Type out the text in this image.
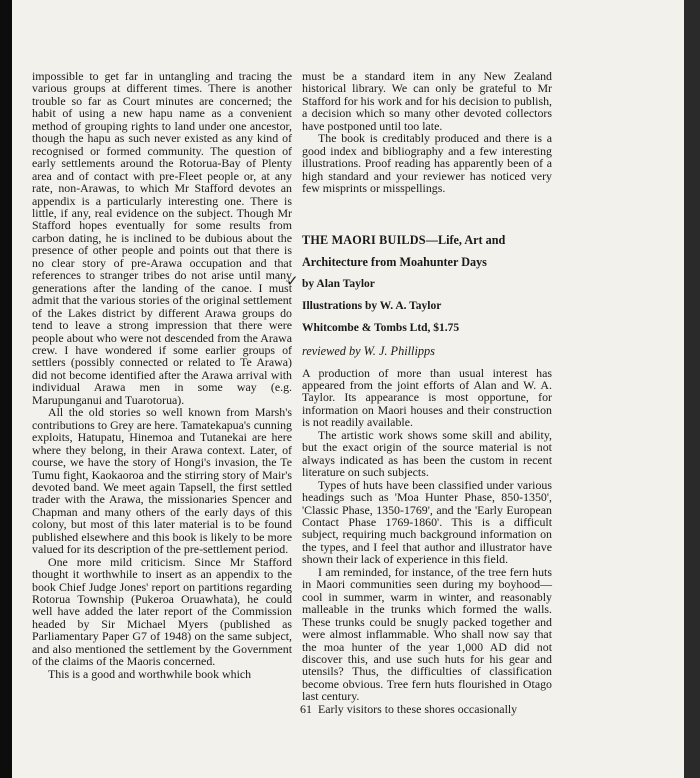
impossible to get far in untangling and tracing the various groups at different times. There is another trouble so far as Court minutes are concerned; the habit of using a new hapu name as a convenient method of grouping rights to land under one ancestor, though the hapu as such never existed as any kind of recognised or formed community. The question of early settlements around the Rotorua-Bay of Plenty area and of contact with pre-Fleet people or, at any rate, non-Arawas, to which Mr Stafford devotes an appendix is a particularly interesting one. There is little, if any, real evidence on the subject. Though Mr Stafford hopes eventually for some results from carbon dating, he is inclined to be dubious about the presence of other people and points out that there is no clear story of pre-Arawa occupation and that references to stranger tribes do not arise until many generations after the landing of the canoe. I must admit that the various stories of the original settlement of the Lakes district by different Arawa groups do tend to leave a strong impression that there were people about who were not descended from the Arawa crew. I have wondered if some earlier groups of settlers (possibly connected or related to Te Arawa) did not become identified after the Arawa arrival with individual Arawa men in some way (e.g. Marupunganui and Tuarotorua).

All the old stories so well known from Marsh's contributions to Grey are here. Tamatekapua's cunning exploits, Hatupatu, Hinemoa and Tutanekai are here where they belong, in their Arawa context. Later, of course, we have the story of Hongi's invasion, the Te Tumu fight, Kaokaoroa and the stirring story of Mair's devoted band. We meet again Tapsell, the first settled trader with the Arawa, the missionaries Spencer and Chapman and many others of the early days of this colony, but most of this later material is to be found published elsewhere and this book is likely to be more valued for its description of the pre-settlement period.

One more mild criticism. Since Mr Stafford thought it worthwhile to insert as an appendix to the book Chief Judge Jones' report on partitions regarding Rotorua Township (Pukeroa Oruawhata), he could well have added the later report of the Commission headed by Sir Michael Myers (published as Parliamentary Paper G7 of 1948) on the same subject, and also mentioned the settlement by the Government of the claims of the Maoris concerned.

This is a good and worthwhile book which

must be a standard item in any New Zealand historical library. We can only be grateful to Mr Stafford for his work and for his decision to publish, a decision which so many other devoted collectors have postponed until too late.

The book is creditably produced and there is a good index and bibliography and a few interesting illustrations. Proof reading has apparently been of a high standard and your reviewer has noticed very few misprints or misspellings.

THE MAORI BUILDS—Life, Art and Architecture from Moahunter Days

by Alan Taylor

Illustrations by W. A. Taylor

Whitcombe & Tombs Ltd, $1.75

reviewed by W. J. Phillipps

A production of more than usual interest has appeared from the joint efforts of Alan and W. A. Taylor. Its appearance is most opportune, for information on Maori houses and their construction is not readily available.

The artistic work shows some skill and ability, but the exact origin of the source material is not always indicated as has been the custom in recent literature on such subjects.

Types of huts have been classified under various headings such as 'Moa Hunter Phase, 850-1350', 'Classic Phase, 1350-1769', and the 'Early European Contact Phase 1769-1860'. This is a difficult subject, requiring much background information on the types, and I feel that author and illustrator have shown their lack of experience in this field.

I am reminded, for instance, of the tree fern huts in Maori communities seen during my boyhood—cool in summer, warm in winter, and reasonably malleable in the trunks which formed the walls. These trunks could be snugly packed together and were almost inflammable. Who shall now say that the moa hunter of the year 1,000 AD did not discover this, and use such huts for his gear and utensils? Thus, the difficulties of classification become obvious. Tree fern huts flourished in Otago last century.

Early visitors to these shores occasionally

✓
61
